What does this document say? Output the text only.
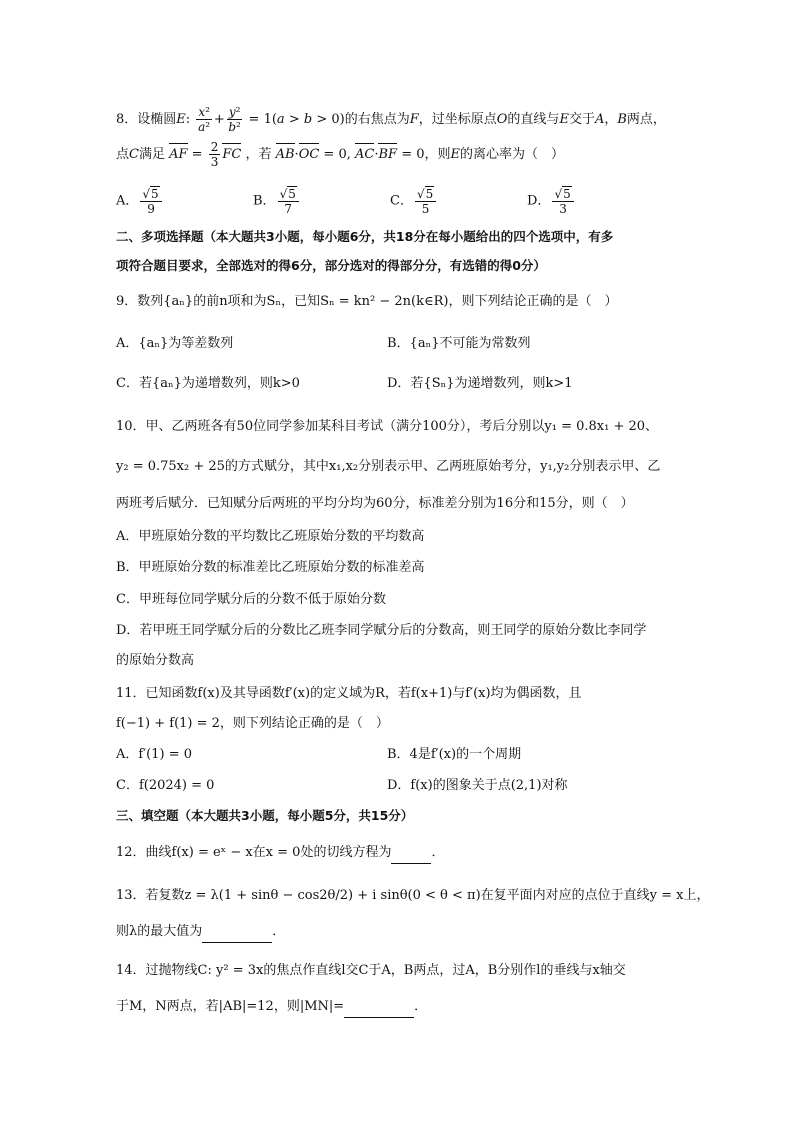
8．设椭圆E: $\frac{\text{x²}}{\text{a²}} + \frac{\text{y²}}{\text{b²}} = 1(a > b > 0)$的右焦点为F，过坐标原点O的直线与E交于A，B两点，
点C满足 AF = $\frac{2}{3}$ FC ，若 AB·OC = 0, AC·BF = 0，则E的离心率为（　）
A． $\frac{√5}{9}$	B． $\frac{√5}{7}$	C． $\frac{√5}{5}$	D． $\frac{√5}{3}$
二、多项选择题（本大题共3小题，每小题6分，共18分在每小题给出的四个选项中，有多
项符合题目要求，全部选对的得6分，部分选对的得部分分，有选错的得0分）
9．数列{aₙ}的前n项和为Sₙ，已知Sₙ = kn² − 2n(k∈R)，则下列结论正确的是（　）
A．{aₙ}为等差数列	B．{aₙ}不可能为常数列
C．若{aₙ}为递增数列，则k>0	D．若{Sₙ}为递增数列，则k>1
10．甲、乙两班各有50位同学参加某科目考试（满分100分），考后分别以y₁ = 0.8x₁ + 20、
y₂ = 0.75x₂ + 25的方式赋分，其中x₁,x₂分别表示甲、乙两班原始考分，y₁,y₂分别表示甲、乙
两班考后赋分．已知赋分后两班的平均分均为60分，标准差分别为16分和15分，则（　）
A．甲班原始分数的平均数比乙班原始分数的平均数高
B．甲班原始分数的标准差比乙班原始分数的标准差高
C．甲班每位同学赋分后的分数不低于原始分数
D．若甲班王同学赋分后的分数比乙班李同学赋分后的分数高，则王同学的原始分数比李同学
的原始分数高
11．已知函数f(x)及其导函数f′(x)的定义域为R，若f(x+1)与f′(x)均为偶函数，且
f(−1) + f(1) = 2，则下列结论正确的是（　）
A．f′(1) = 0	B．4是f′(x)的一个周期
C．f(2024) = 0	D．f(x)的图象关于点(2,1)对称
三、填空题（本大题共3小题，每小题5分，共15分）
12．曲线f(x) = eˣ − x在x = 0处的切线方程为	．
13．若复数z = λ(1 + sinθ − cos2θ/2) + i sinθ(0 < θ < π)在复平面内对应的点位于直线y = x上，
则λ的最大值为	．
14．过抛物线C: y² = 3x的焦点作直线l交C于A，B两点，过A，B分别作l的垂线与x轴交
于M，N两点，若|AB|=12，则|MN|=	．
